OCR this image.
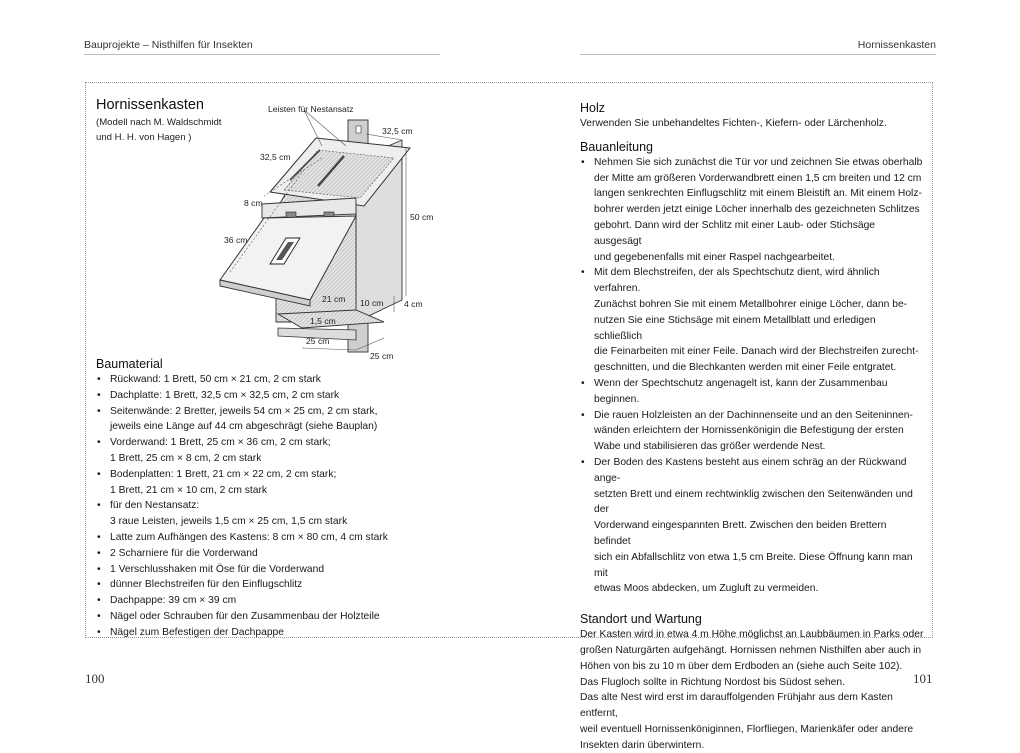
Bauprojekte – Nisthilfen für Insekten	Hornissenkasten
Hornissenkasten

(Modell nach M. Waldschmidt
und H. H. von Hagen )

Leisten für Nestansatz
32,5 cm
32,5 cm
8 cm
50 cm
36 cm
21 cm 10 cm 4 cm
1,5 cm
25 cm
25 cm
Baumaterial
• Rückwand: 1 Brett, 50 cm × 21 cm, 2 cm stark
• Dachplatte: 1 Brett, 32,5 cm × 32,5 cm, 2 cm stark
• Seitenwände: 2 Bretter, jeweils 54 cm × 25 cm, 2 cm stark,
jeweils eine Länge auf 44 cm abgeschrägt (siehe Bauplan)
• Vorderwand: 1 Brett, 25 cm × 36 cm, 2 cm stark;
1 Brett, 25 cm × 8 cm, 2 cm stark
• Bodenplatten: 1 Brett, 21 cm × 22 cm, 2 cm stark;
1 Brett, 21 cm × 10 cm, 2 cm stark
• für den Nestansatz:
3 raue Leisten, jeweils 1,5 cm × 25 cm, 1,5 cm stark
• Latte zum Aufhängen des Kastens: 8 cm × 80 cm, 4 cm stark
• 2 Scharniere für die Vorderwand
• 1 Verschlusshaken mit Öse für die Vorderwand
• dünner Blechstreifen für den Einflugschlitz
• Dachpappe: 39 cm × 39 cm
• Nägel oder Schrauben für den Zusammenbau der Holzteile
• Nägel zum Befestigen der Dachpappe
Holz

Verwenden Sie unbehandeltes Fichten-, Kiefern- oder Lärchenholz.

Bauanleitung
• Nehmen Sie sich zunächst die Tür vor und zeichnen Sie etwas oberhalb
der Mitte am größeren Vorderwandbrett einen 1,5 cm breiten und 12 cm
langen senkrechten Einflugschlitz mit einem Bleistift an. Mit einem Holz-
bohrer werden jetzt einige Löcher innerhalb des gezeichneten Schlitzes
gebohrt. Dann wird der Schlitz mit einer Laub- oder Stichsäge ausgesägt
und gegebenenfalls mit einer Raspel nachgearbeitet.
• Mit dem Blechstreifen, der als Spechtschutz dient, wird ähnlich verfahren.
Zunächst bohren Sie mit einem Metallbohrer einige Löcher, dann be-
nutzen Sie eine Stichsäge mit einem Metallblatt und erledigen schließlich
die Feinarbeiten mit einer Feile. Danach wird der Blechstreifen zurecht-
geschnitten, und die Blechkanten werden mit einer Feile entgratet.
• Wenn der Spechtschutz angenagelt ist, kann der Zusammenbau beginnen.
• Die rauen Holzleisten an der Dachinnenseite und an den Seiteninnen-
wänden erleichtern der Hornissenkönigin die Befestigung der ersten
Wabe und stabilisieren das größer werdende Nest.
• Der Boden des Kastens besteht aus einem schräg an der Rückwand ange-
setzten Brett und einem rechtwinklig zwischen den Seitenwänden und der
Vorderwand eingespannten Brett. Zwischen den beiden Brettern befindet
sich ein Abfallschlitz von etwa 1,5 cm Breite. Diese Öffnung kann man mit
etwas Moos abdecken, um Zugluft zu vermeiden.
Standort und Wartung

Der Kasten wird in etwa 4 m Höhe möglichst an Laubbäumen in Parks oder
großen Naturgärten aufgehängt. Hornissen nehmen Nisthilfen aber auch in
Höhen von bis zu 10 m über dem Erdboden an (siehe auch Seite 102).
Das Flugloch sollte in Richtung Nordost bis Südost sehen.
Das alte Nest wird erst im darauffolgenden Frühjahr aus dem Kasten entfernt,
weil eventuell Hornissenköniginnen, Florfliegen, Marienkäfer oder andere
Insekten darin überwintern.

100	101
